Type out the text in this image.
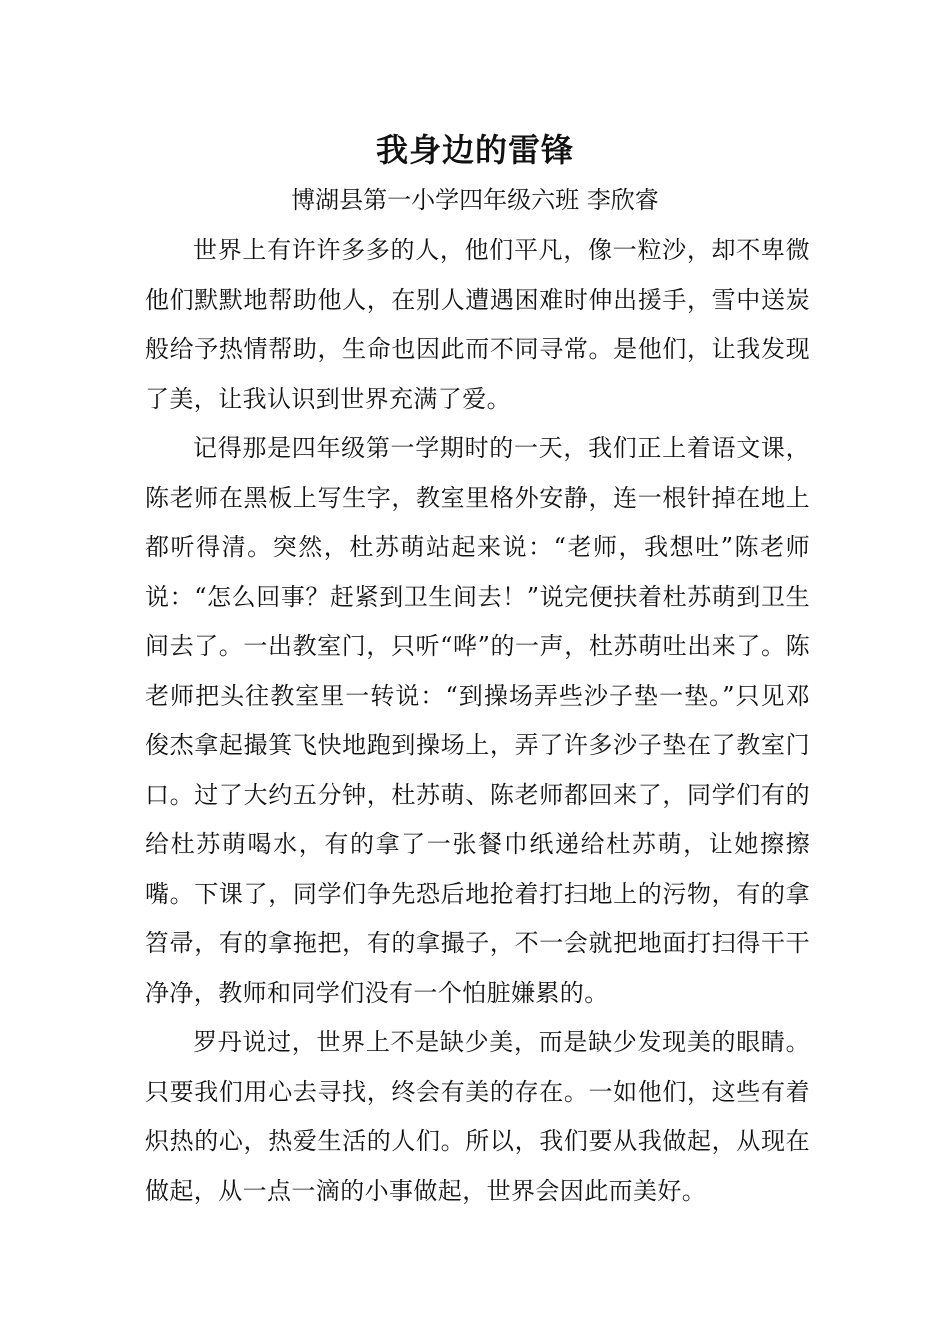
我身边的雷锋
博湖县第一小学四年级六班 李欣睿

世界上有许许多多的人，他们平凡，像一粒沙，却不卑微他们默默地帮助他人，在别人遭遇困难时伸出援手，雪中送炭般给予热情帮助，生命也因此而不同寻常。是他们，让我发现了美，让我认识到世界充满了爱。

记得那是四年级第一学期时的一天，我们正上着语文课，陈老师在黑板上写生字，教室里格外安静，连一根针掉在地上都听得清。突然，杜苏萌站起来说：“老师，我想吐”陈老师说：“怎么回事？赶紧到卫生间去！”说完便扶着杜苏萌到卫生间去了。一出教室门，只听“哗”的一声，杜苏萌吐出来了。陈老师把头往教室里一转说：“到操场弄些沙子垫一垫。”只见邓俊杰拿起撮箕飞快地跑到操场上，弄了许多沙子垫在了教室门口。过了大约五分钟，杜苏萌、陈老师都回来了，同学们有的给杜苏萌喝水，有的拿了一张餐巾纸递给杜苏萌，让她擦擦嘴。下课了，同学们争先恐后地抢着打扫地上的污物，有的拿笤帚，有的拿拖把，有的拿撮子，不一会就把地面打扫得干干净净，教师和同学们没有一个怕脏嫌累的。

罗丹说过，世界上不是缺少美，而是缺少发现美的眼睛。只要我们用心去寻找，终会有美的存在。一如他们，这些有着炽热的心，热爱生活的人们。所以，我们要从我做起，从现在做起，从一点一滴的小事做起，世界会因此而美好。
